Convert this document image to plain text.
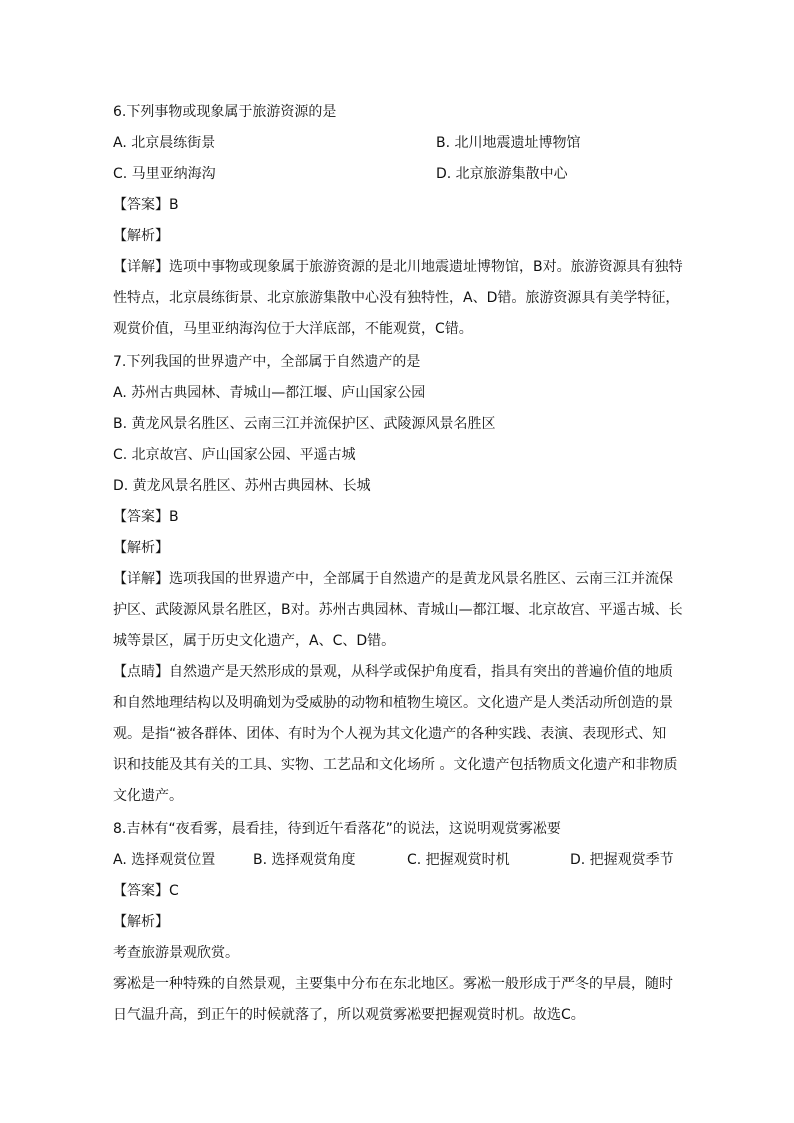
6.下列事物或现象属于旅游资源的是
A. 北京晨练街景	B. 北川地震遗址博物馆
C. 马里亚纳海沟	D. 北京旅游集散中心
【答案】B
【解析】
【详解】选项中事物或现象属于旅游资源的是北川地震遗址博物馆，B对。旅游资源具有独特
性特点，北京晨练街景、北京旅游集散中心没有独特性，A、D错。旅游资源具有美学特征，
观赏价值，马里亚纳海沟位于大洋底部，不能观赏，C错。
7.下列我国的世界遗产中，全部属于自然遗产的是
A. 苏州古典园林、青城山—都江堰、庐山国家公园
B. 黄龙风景名胜区、云南三江并流保护区、武陵源风景名胜区
C. 北京故宫、庐山国家公园、平遥古城
D. 黄龙风景名胜区、苏州古典园林、长城
【答案】B
【解析】
【详解】选项我国的世界遗产中，全部属于自然遗产的是黄龙风景名胜区、云南三江并流保
护区、武陵源风景名胜区，B对。苏州古典园林、青城山—都江堰、北京故宫、平遥古城、长
城等景区，属于历史文化遗产，A、C、D错。
【点睛】自然遗产是天然形成的景观，从科学或保护角度看，指具有突出的普遍价值的地质
和自然地理结构以及明确划为受威胁的动物和植物生境区。文化遗产是人类活动所创造的景
观。是指“被各群体、团体、有时为个人视为其文化遗产的各种实践、表演、表现形式、知
识和技能及其有关的工具、实物、工艺品和文化场所 。文化遗产包括物质文化遗产和非物质
文化遗产。
8.吉林有“夜看雾，晨看挂，待到近午看落花”的说法，这说明观赏雾凇要
A. 选择观赏位置	B. 选择观赏角度	C. 把握观赏时机	D. 把握观赏季节
【答案】C
【解析】
考查旅游景观欣赏。
雾凇是一种特殊的自然景观，主要集中分布在东北地区。雾凇一般形成于严冬的早晨，随时
日气温升高，到正午的时候就落了，所以观赏雾凇要把握观赏时机。故选C。
